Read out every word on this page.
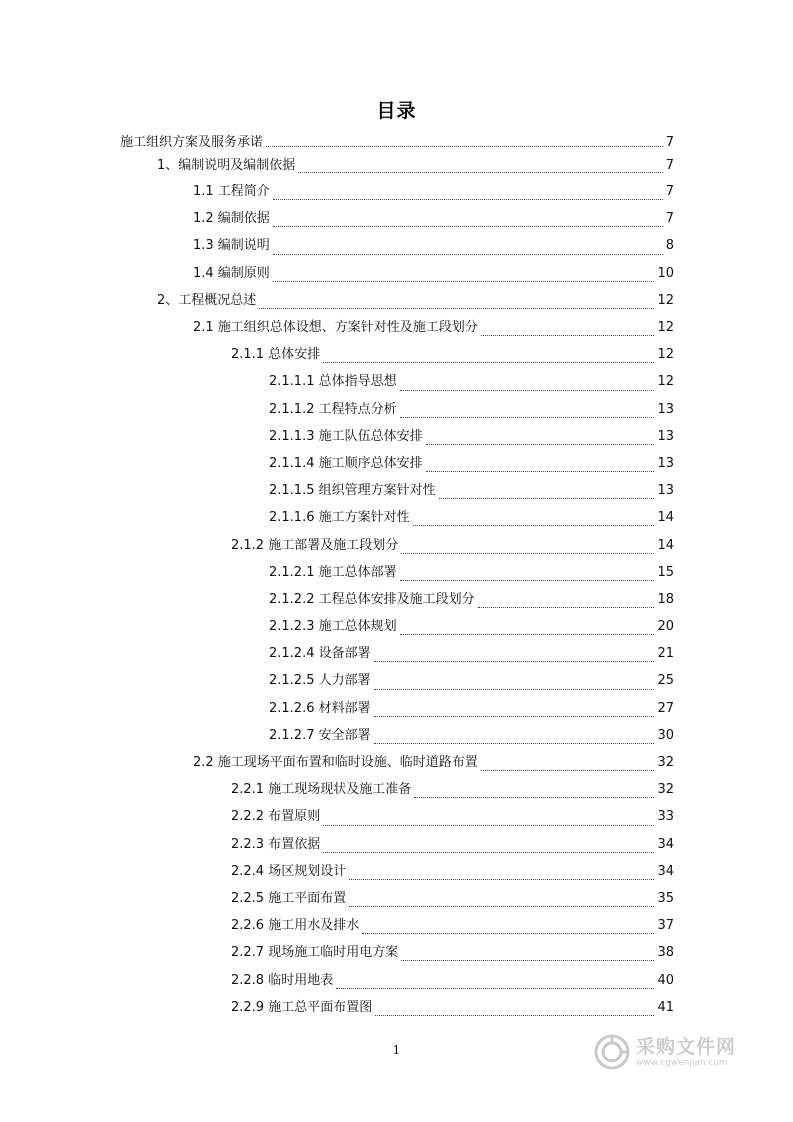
目录
施工组织方案及服务承诺	7
1、编制说明及编制依据	7
1.1 工程简介	7
1.2 编制依据	7
1.3 编制说明	8
1.4 编制原则	10
2、工程概况总述	12
2.1 施工组织总体设想、方案针对性及施工段划分	12
2.1.1 总体安排	12
2.1.1.1 总体指导思想	12
2.1.1.2 工程特点分析	13
2.1.1.3 施工队伍总体安排	13
2.1.1.4 施工顺序总体安排	13
2.1.1.5 组织管理方案针对性	13
2.1.1.6 施工方案针对性	14
2.1.2 施工部署及施工段划分	14
2.1.2.1 施工总体部署	15
2.1.2.2 工程总体安排及施工段划分	18
2.1.2.3 施工总体规划	20
2.1.2.4 设备部署	21
2.1.2.5 人力部署	25
2.1.2.6 材料部署	27
2.1.2.7 安全部署	30
2.2 施工现场平面布置和临时设施、临时道路布置	32
2.2.1 施工现场现状及施工准备	32
2.2.2 布置原则	33
2.2.3 布置依据	34
2.2.4 场区规划设计	34
2.2.5 施工平面布置	35
2.2.6 施工用水及排水	37
2.2.7 现场施工临时用电方案	38
2.2.8 临时用地表	40
2.2.9 施工总平面布置图	41
1	采购文件网
www.cgwenjian.com
